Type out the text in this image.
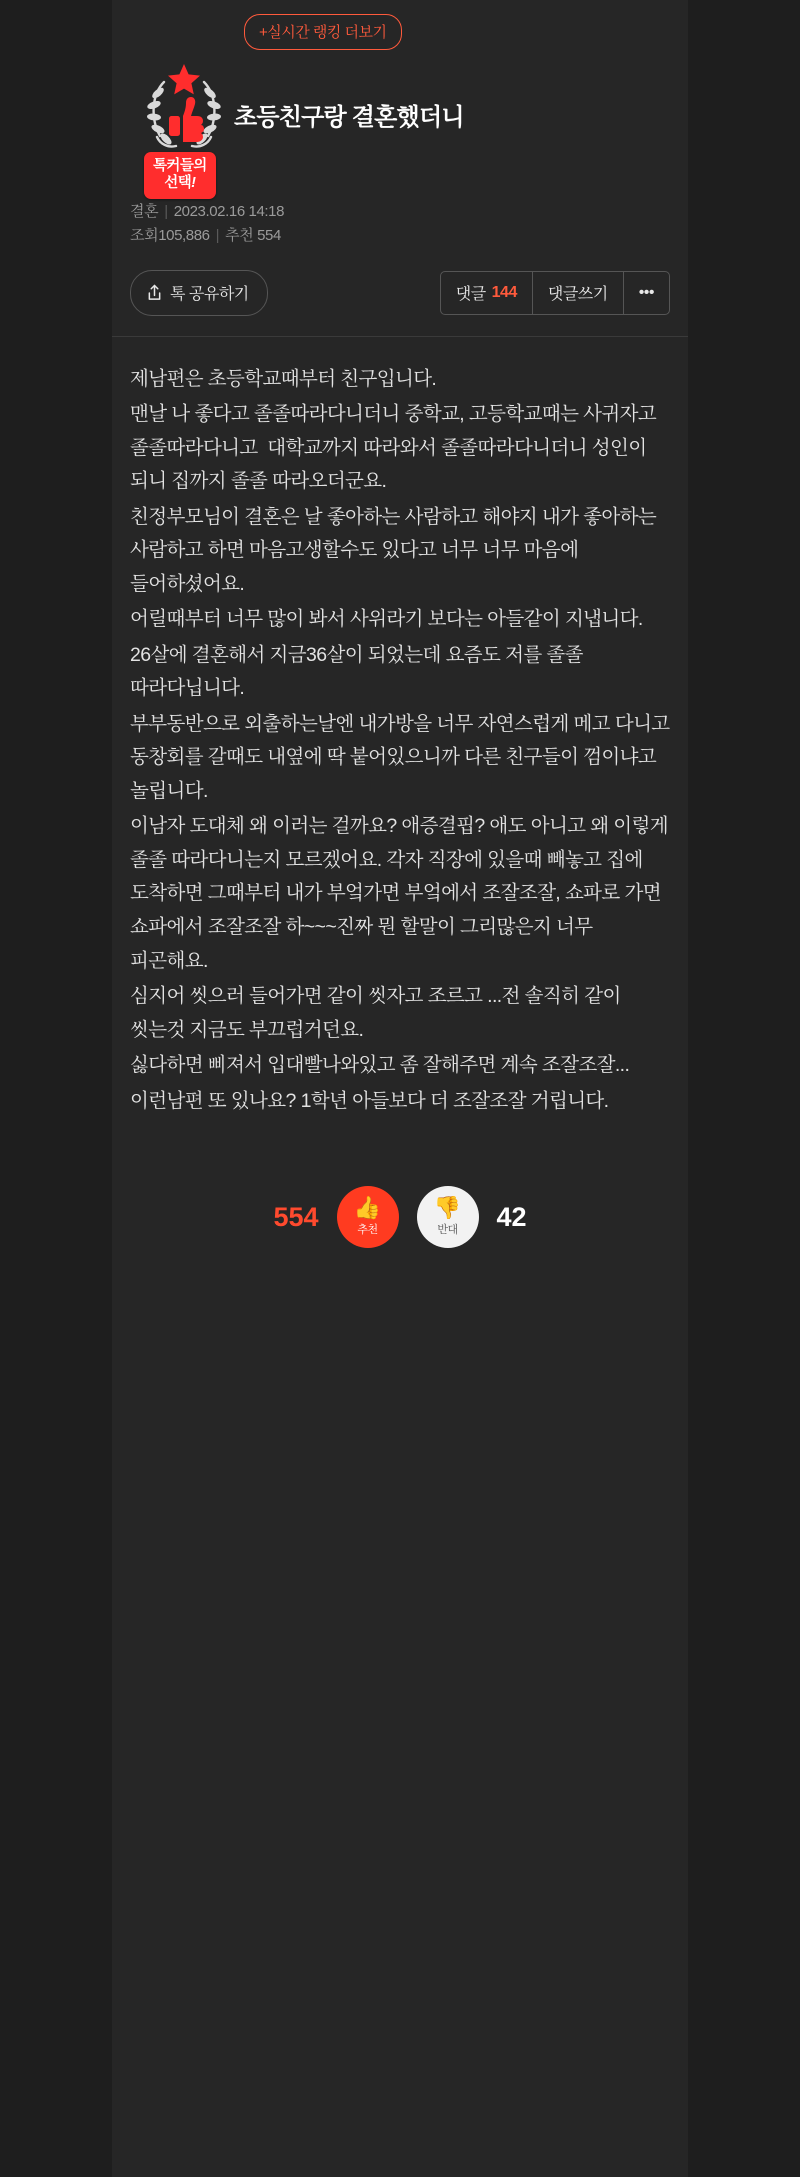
+실시간 랭킹 더보기
톡커들의
선택!
초등친구랑 결혼했더니
결혼 | 2023.02.16 14:18
조회105,886 | 추천 554
톡 공유하기	댓글 144 댓글쓰기 •••

제남편은 초등학교때부터 친구입니다.

맨날 나 좋다고 졸졸따라다니더니 중학교, 고등학교때는 사귀자고 졸졸따라다니고  대학교까지 따라와서 졸졸따라다니더니 성인이 되니 집까지 졸졸 따라오더군요.

친정부모님이 결혼은 날 좋아하는 사람하고 해야지 내가 좋아하는 사람하고 하면 마음고생할수도 있다고 너무 너무 마음에 들어하셨어요.

어릴때부터 너무 많이 봐서 사위라기 보다는 아들같이 지냅니다.

26살에 결혼해서 지금36살이 되었는데 요즘도 저를 졸졸 따라다닙니다.

부부동반으로 외출하는날엔 내가방을 너무 자연스럽게 메고 다니고 동창회를 갈때도 내옆에 딱 붙어있으니까 다른 친구들이 껌이냐고 놀립니다.

이남자 도대체 왜 이러는 걸까요? 애증결핍? 애도 아니고 왜 이렇게 졸졸 따라다니는지 모르겠어요. 각자 직장에 있을때 빼놓고 집에 도착하면 그때부터 내가 부엌가면 부엌에서 조잘조잘, 쇼파로 가면 쇼파에서 조잘조잘 하~~~진짜 뭔 할말이 그리많은지 너무 피곤해요.

심지어 씻으러 들어가면 같이 씻자고 조르고 ...전 솔직히 같이 씻는것 지금도 부끄럽거던요.

싫다하면 삐져서 입대빨나와있고 좀 잘해주면 계속 조잘조잘...

이런남편 또 있나요? 1학년 아들보다 더 조잘조잘 거립니다.

554 👍
추천
👎
반대 42
